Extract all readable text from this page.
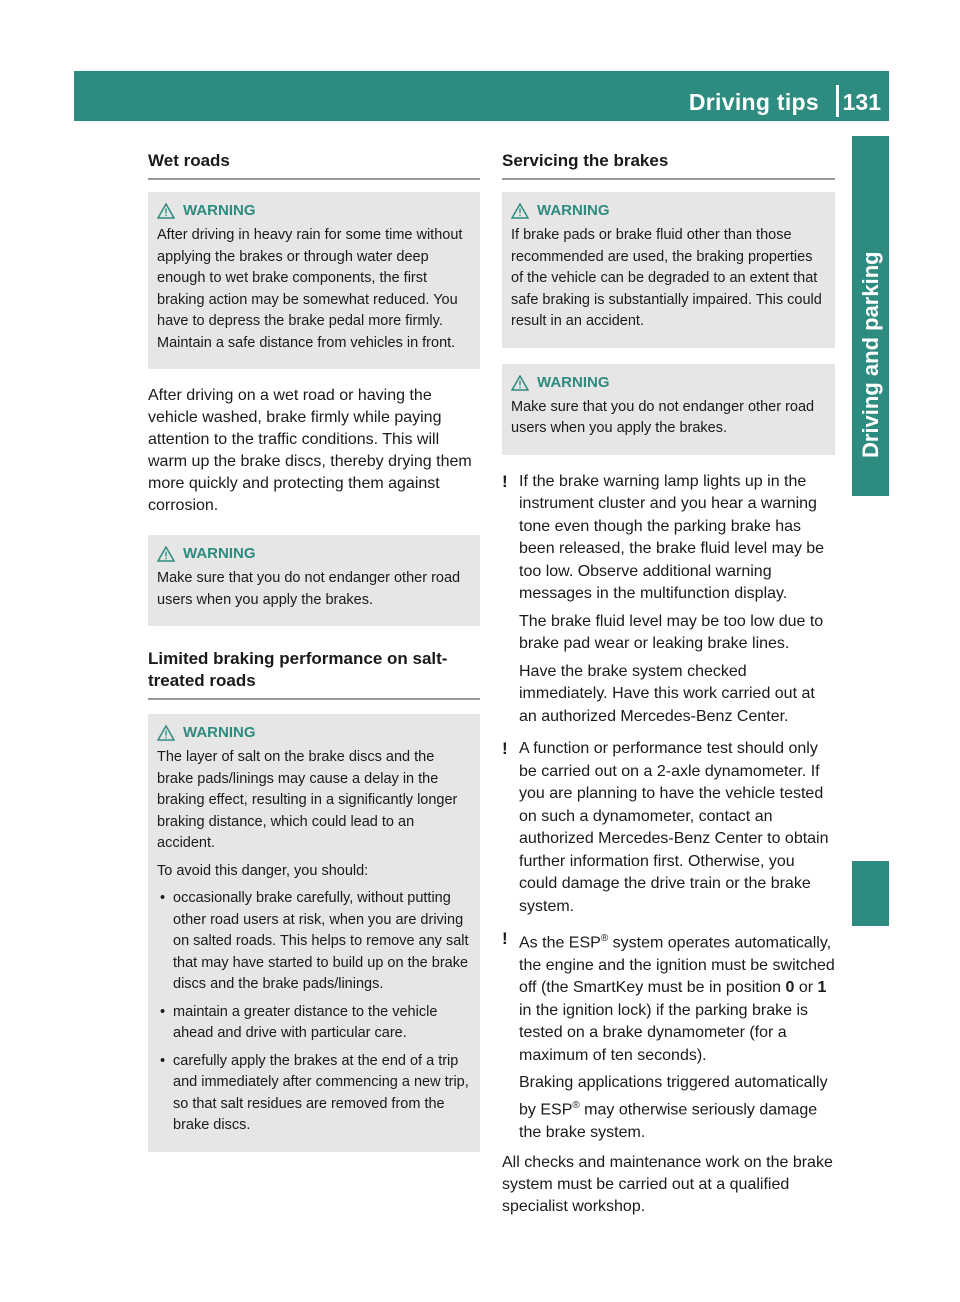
Driving tips 131
Driving and parking
Wet roads
WARNING

After driving in heavy rain for some time without applying the brakes or through water deep enough to wet brake components, the first braking action may be somewhat reduced. You have to depress the brake pedal more firmly. Maintain a safe distance from vehicles in front.

After driving on a wet road or having the vehicle washed, brake firmly while paying attention to the traffic conditions. This will warm up the brake discs, thereby drying them more quickly and protecting them against corrosion.

WARNING

Make sure that you do not endanger other road users when you apply the brakes.

Limited braking performance on salt-treated roads
WARNING

The layer of salt on the brake discs and the brake pads/linings may cause a delay in the braking effect, resulting in a significantly longer braking distance, which could lead to an accident.

To avoid this danger, you should:

• occasionally brake carefully, without putting other road users at risk, when you are driving on salted roads. This helps to remove any salt that may have started to build up on the brake discs and the brake pads/linings.
• maintain a greater distance to the vehicle ahead and drive with particular care.
• carefully apply the brakes at the end of a trip and immediately after commencing a new trip, so that salt residues are removed from the brake discs.
Servicing the brakes
WARNING

If brake pads or brake fluid other than those recommended are used, the braking properties of the vehicle can be degraded to an extent that safe braking is substantially impaired. This could result in an accident.

WARNING

Make sure that you do not endanger other road users when you apply the brakes.

! If the brake warning lamp lights up in the instrument cluster and you hear a warning tone even though the parking brake has been released, the brake fluid level may be too low. Observe additional warning messages in the multifunction display.

The brake fluid level may be too low due to brake pad wear or leaking brake lines.

Have the brake system checked immediately. Have this work carried out at an authorized Mercedes-Benz Center.

! A function or performance test should only be carried out on a 2-axle dynamometer. If you are planning to have the vehicle tested on such a dynamometer, contact an authorized Mercedes-Benz Center to obtain further information first. Otherwise, you could damage the drive train or the brake system.

! As the ESP® system operates automatically, the engine and the ignition must be switched off (the SmartKey must be in position 0 or 1 in the ignition lock) if the parking brake is tested on a brake dynamometer (for a maximum of ten seconds).

Braking applications triggered automatically by ESP® may otherwise seriously damage the brake system.

All checks and maintenance work on the brake system must be carried out at a qualified specialist workshop.
